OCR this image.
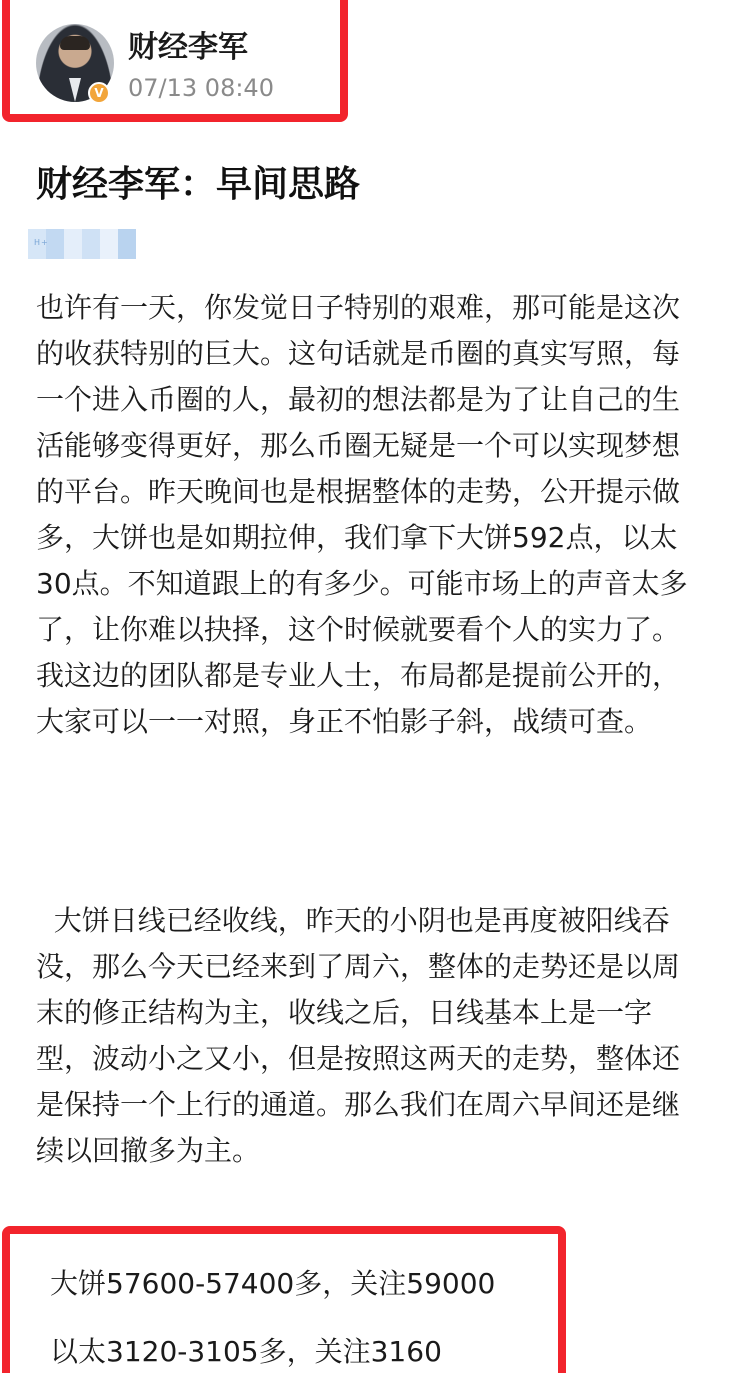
V
财经李军
07/13 08:40
财经李军：早间思路
H+
也许有一天，你发觉日子特别的艰难，那可能是这次
的收获特别的巨大。这句话就是币圈的真实写照，每
一个进入币圈的人，最初的想法都是为了让自己的生
活能够变得更好，那么币圈无疑是一个可以实现梦想
的平台。昨天晚间也是根据整体的走势，公开提示做
多，大饼也是如期拉伸，我们拿下大饼592点，以太
30点。不知道跟上的有多少。可能市场上的声音太多
了，让你难以抉择，这个时候就要看个人的实力了。
我这边的团队都是专业人士，布局都是提前公开的，
大家可以一一对照，身正不怕影子斜，战绩可查。
大饼日线已经收线，昨天的小阴也是再度被阳线吞
没，那么今天已经来到了周六，整体的走势还是以周
末的修正结构为主，收线之后，日线基本上是一字
型，波动小之又小，但是按照这两天的走势，整体还
是保持一个上行的通道。那么我们在周六早间还是继
续以回撤多为主。
大饼57600-57400多，关注59000
以太3120-3105多，关注3160
